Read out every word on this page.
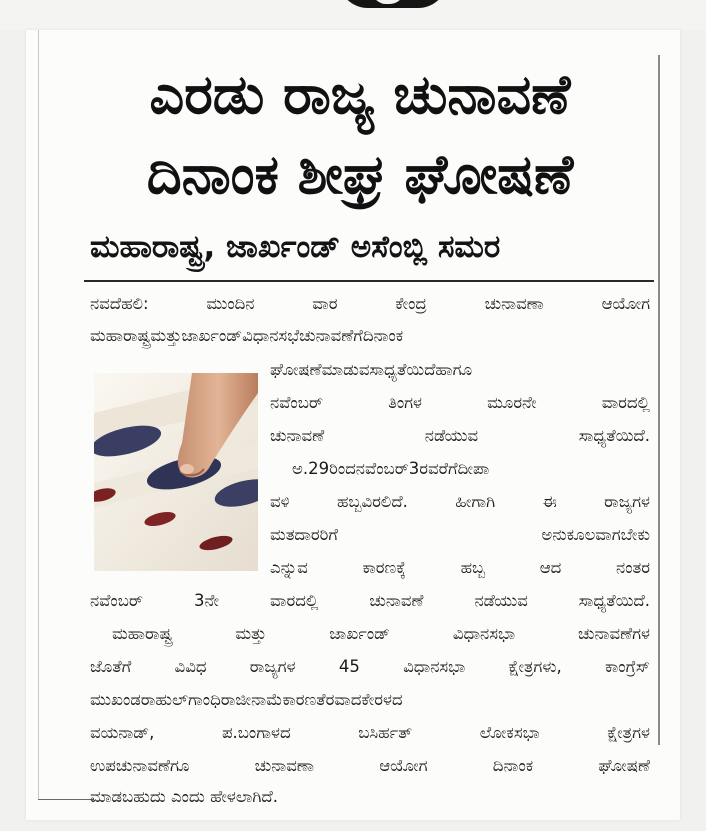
ಎರಡು ರಾಜ್ಯ ಚುನಾವಣೆ
ದಿನಾಂಕ ಶೀಘ್ರ ಘೋಷಣೆ
ಮಹಾರಾಷ್ಟ್ರ, ಜಾರ್ಖಂಡ್ ಅಸೆಂಬ್ಲಿ ಸಮರ
ನವದೆಹಲಿ: ಮುಂದಿನ ವಾರ ಕೇಂದ್ರ ಚುನಾವಣಾ ಆಯೋಗ
ಮಹಾರಾಷ್ಟ್ರಮತ್ತುಜಾರ್ಖಂಡ್‌ವಿಧಾನಸಭೆಚುನಾವಣೆಗೆದಿನಾಂಕ
ಘೋಷಣೆಮಾಡುವಸಾಧ್ಯತೆಯಿದೆಹಾಗೂ
ನವೆಂಬರ್ ತಿಂಗಳ ಮೂರನೇ ವಾರದಲ್ಲಿ
ಚುನಾವಣೆ ನಡೆಯುವ ಸಾಧ್ಯತೆಯಿದೆ.
ಅ.29ರಿಂದನವೆಂಬರ್3ರವರೆಗೆದೀಪಾ
ವಳಿ ಹಬ್ಬವಿರಲಿದೆ. ಹೀಗಾಗಿ ಈ ರಾಜ್ಯಗಳ
ಮತದಾರರಿಗೆ ಅನುಕೂಲವಾಗಬೇಕು
ಎನ್ನುವ ಕಾರಣಕ್ಕೆ ಹಬ್ಬ ಆದ ನಂತರ
ನವೆಂಬರ್ 3ನೇ ವಾರದಲ್ಲಿ ಚುನಾವಣೆ ನಡೆಯುವ ಸಾಧ್ಯತೆಯಿದೆ.
ಮಹಾರಾಷ್ಟ್ರ ಮತ್ತು ಜಾರ್ಖಂಡ್ ವಿಧಾನಸಭಾ ಚುನಾವಣೆಗಳ
ಜೊತೆಗೆ ವಿವಿಧ ರಾಜ್ಯಗಳ 45 ವಿಧಾನಸಭಾ ಕ್ಷೇತ್ರಗಳು, ಕಾಂಗ್ರೆಸ್
ಮುಖಂಡರಾಹುಲ್‌ಗಾಂಧಿರಾಜೀನಾಮೆಕಾರಣತೆರವಾದಕೇರಳದ
ವಯನಾಡ್, ಪ.ಬಂಗಾಳದ ಬಸಿರ್ಹತ್ ಲೋಕಸಭಾ ಕ್ಷೇತ್ರಗಳ
ಉಪಚುನಾವಣೆಗೂ ಚುನಾವಣಾ ಆಯೋಗ ದಿನಾಂಕ ಘೋಷಣೆ
ಮಾಡಬಹುದು ಎಂದು ಹೇಳಲಾಗಿದೆ.
